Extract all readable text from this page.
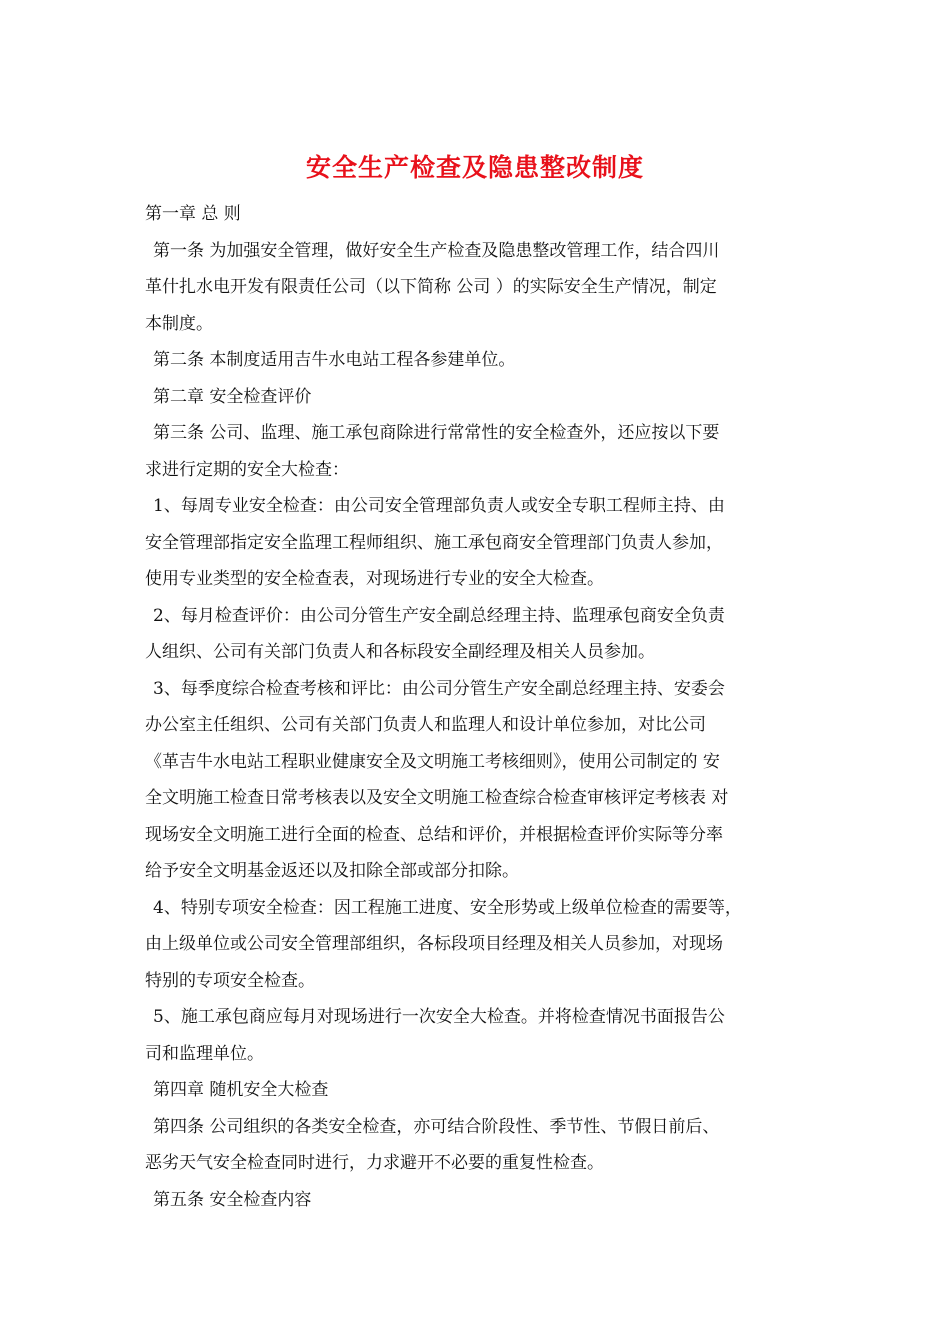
安全生产检查及隐患整改制度
第一章 总 则
第一条 为加强安全管理，做好安全生产检查及隐患整改管理工作，结合四川
革什扎水电开发有限责任公司（以下简称 公司 ）的实际安全生产情况，制定
本制度。
第二条 本制度适用吉牛水电站工程各参建单位。
第二章 安全检查评价
第三条 公司、监理、施工承包商除进行常常性的安全检查外，还应按以下要
求进行定期的安全大检查：
1、每周专业安全检查：由公司安全管理部负责人或安全专职工程师主持、由
安全管理部指定安全监理工程师组织、施工承包商安全管理部门负责人参加，
使用专业类型的安全检查表，对现场进行专业的安全大检查。
2、每月检查评价：由公司分管生产安全副总经理主持、监理承包商安全负责
人组织、公司有关部门负责人和各标段安全副经理及相关人员参加。
3、每季度综合检查考核和评比：由公司分管生产安全副总经理主持、安委会
办公室主任组织、公司有关部门负责人和监理人和设计单位参加，对比公司
《革吉牛水电站工程职业健康安全及文明施工考核细则》，使用公司制定的 安
全文明施工检查日常考核表以及安全文明施工检查综合检查审核评定考核表 对
现场安全文明施工进行全面的检查、总结和评价，并根据检查评价实际等分率
给予安全文明基金返还以及扣除全部或部分扣除。
4、特别专项安全检查：因工程施工进度、安全形势或上级单位检查的需要等，
由上级单位或公司安全管理部组织，各标段项目经理及相关人员参加，对现场
特别的专项安全检查。
5、施工承包商应每月对现场进行一次安全大检查。并将检查情况书面报告公
司和监理单位。
第四章 随机安全大检查
第四条 公司组织的各类安全检查，亦可结合阶段性、季节性、节假日前后、
恶劣天气安全检查同时进行，力求避开不必要的重复性检查。
第五条 安全检查内容
